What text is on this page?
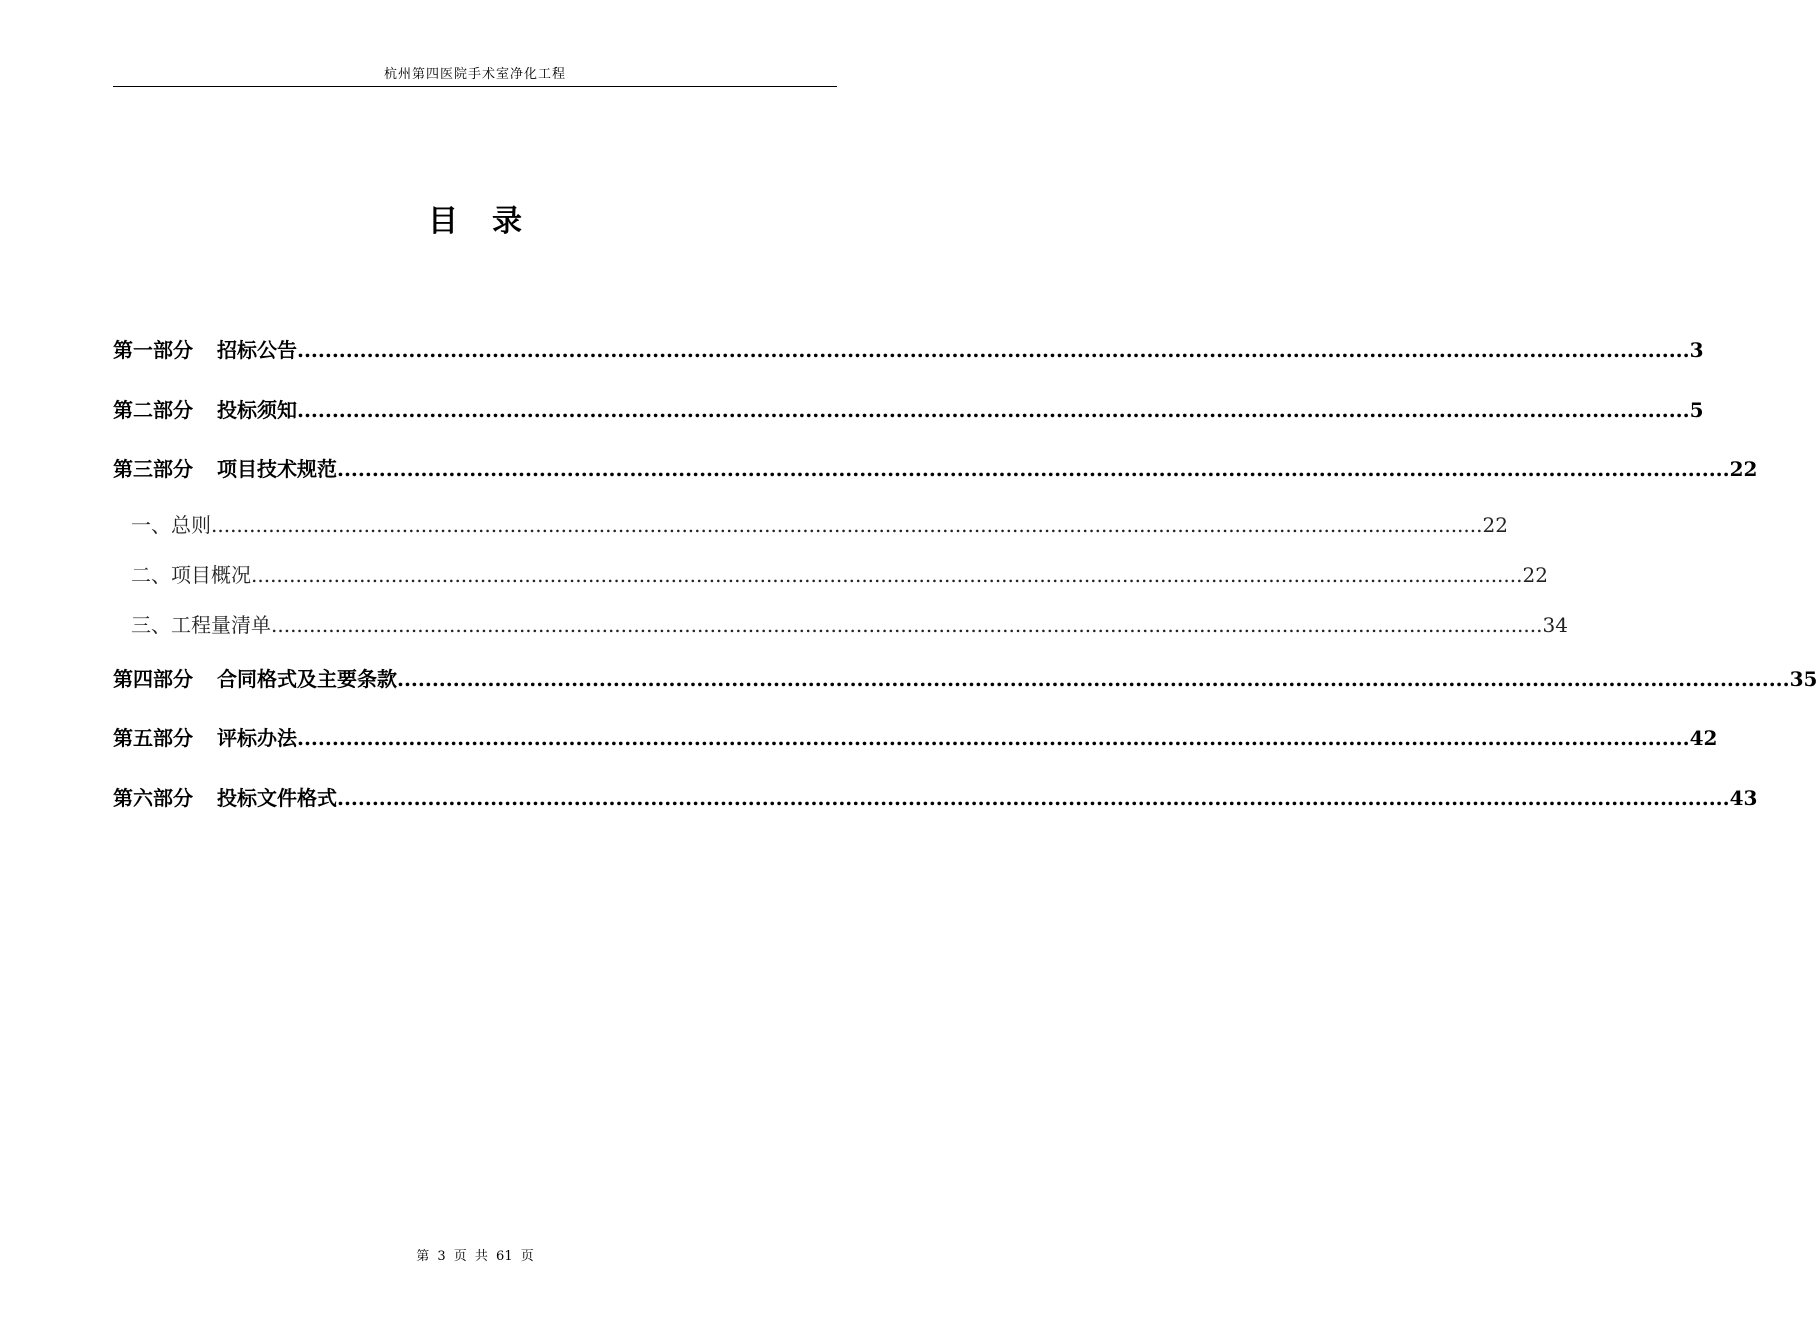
杭州第四医院手术室净化工程
目录
第一部分 招标公告 ........................................................................................................................................................................................................ 3
第二部分 投标须知 ........................................................................................................................................................................................................ 5
第三部分 项目技术规范 ........................................................................................................................................................................................................ 22
一、总则 ........................................................................................................................................................................................................ 22
二、项目概况 ........................................................................................................................................................................................................ 22
三、工程量清单 ........................................................................................................................................................................................................ 34
第四部分 合同格式及主要条款 ........................................................................................................................................................................................................ 35
第五部分 评标办法 ........................................................................................................................................................................................................ 42
第六部分 投标文件格式 ........................................................................................................................................................................................................ 43
第 3 页 共 61 页
